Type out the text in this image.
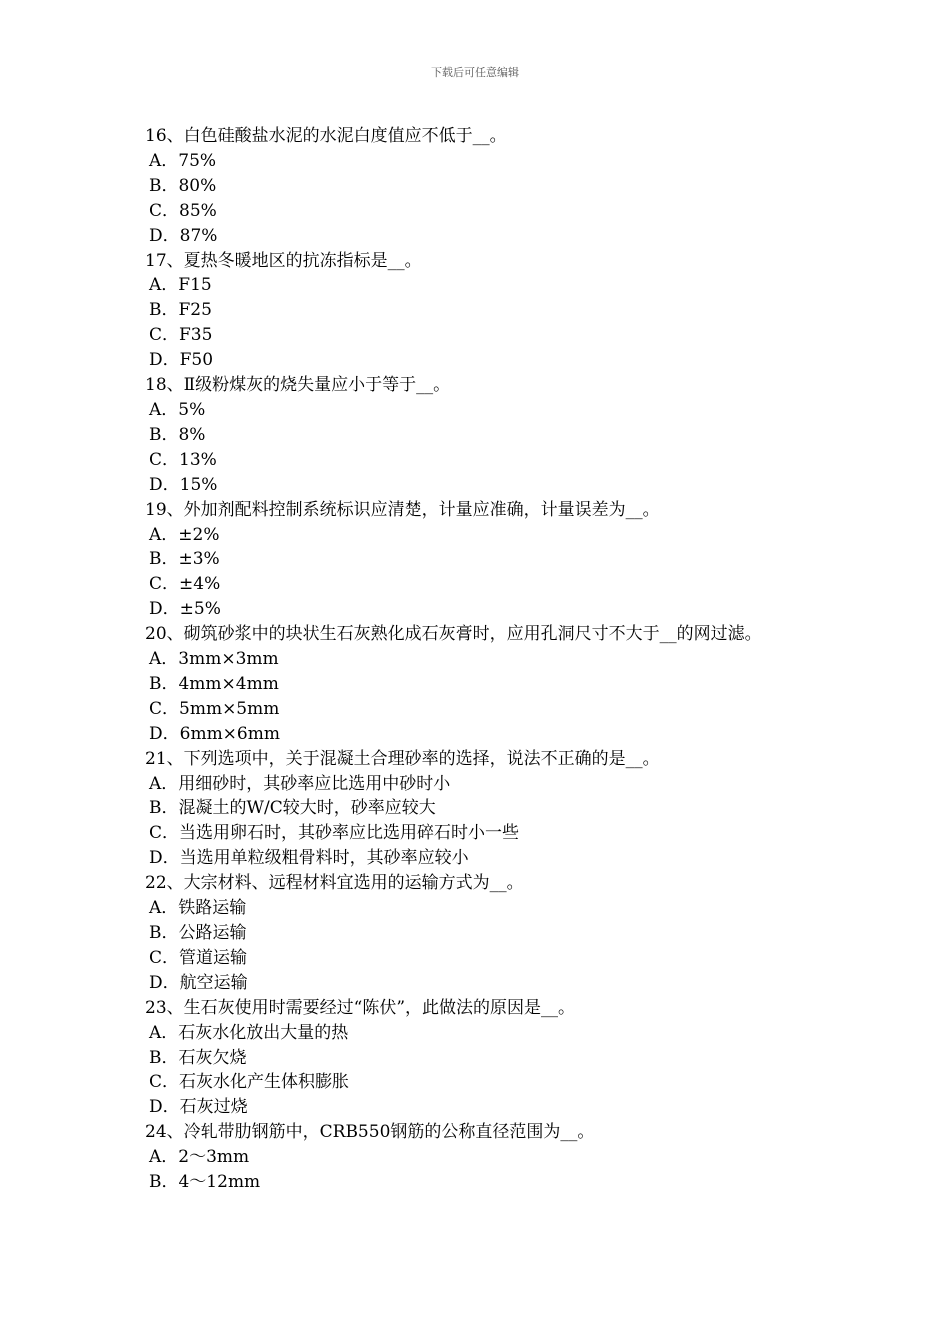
下载后可任意编辑

16、白色硅酸盐水泥的水泥白度值应不低于__。

A．75%

B．80%

C．85%

D．87%

17、夏热冬暖地区的抗冻指标是__。

A．F15

B．F25

C．F35

D．F50

18、Ⅱ级粉煤灰的烧失量应小于等于__。

A．5%

B．8%

C．13%

D．15%

19、外加剂配料控制系统标识应清楚，计量应准确，计量误差为__。

A．±2%

B．±3%

C．±4%

D．±5%

20、砌筑砂浆中的块状生石灰熟化成石灰膏时，应用孔洞尺寸不大于__的网过滤。

A．3mm×3mm

B．4mm×4mm

C．5mm×5mm

D．6mm×6mm

21、下列选项中，关于混凝土合理砂率的选择，说法不正确的是__。

A．用细砂时，其砂率应比选用中砂时小

B．混凝土的W/C较大时，砂率应较大

C．当选用卵石时，其砂率应比选用碎石时小一些

D．当选用单粒级粗骨料时，其砂率应较小

22、大宗材料、远程材料宜选用的运输方式为__。

A．铁路运输

B．公路运输

C．管道运输

D．航空运输

23、生石灰使用时需要经过“陈伏”，此做法的原因是__。

A．石灰水化放出大量的热

B．石灰欠烧

C．石灰水化产生体积膨胀

D．石灰过烧

24、冷轧带肋钢筋中，CRB550钢筋的公称直径范围为__。

A．2～3mm

B．4～12mm
